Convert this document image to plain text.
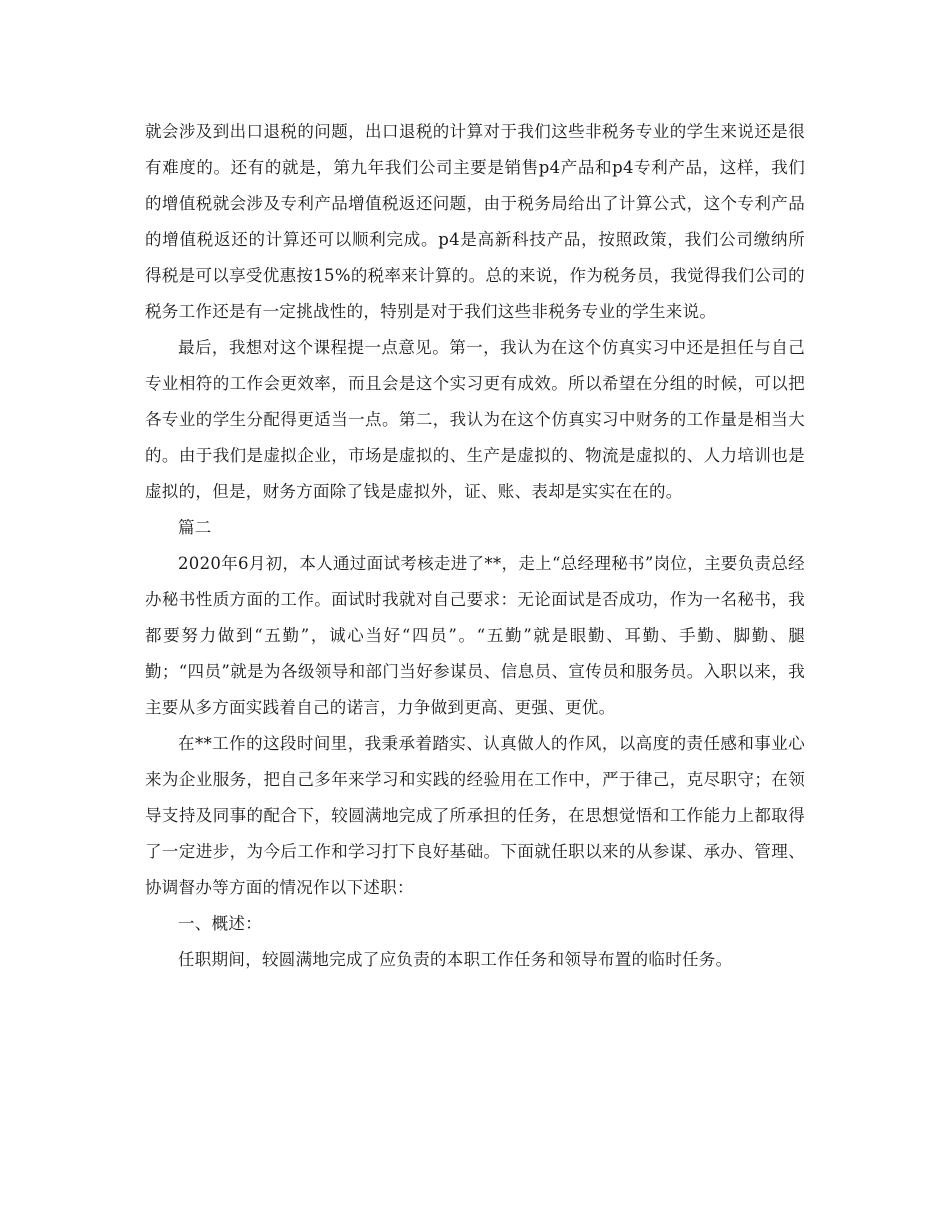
就会涉及到出口退税的问题，出口退税的计算对于我们这些非税务专业的学生来说还是很有难度的。还有的就是，第九年我们公司主要是销售p4产品和p4专利产品，这样，我们的增值税就会涉及专利产品增值税返还问题，由于税务局给出了计算公式，这个专利产品的增值税返还的计算还可以顺利完成。p4是高新科技产品，按照政策，我们公司缴纳所得税是可以享受优惠按15%的税率来计算的。总的来说，作为税务员，我觉得我们公司的税务工作还是有一定挑战性的，特别是对于我们这些非税务专业的学生来说。

最后，我想对这个课程提一点意见。第一，我认为在这个仿真实习中还是担任与自己专业相符的工作会更效率，而且会是这个实习更有成效。所以希望在分组的时候，可以把各专业的学生分配得更适当一点。第二，我认为在这个仿真实习中财务的工作量是相当大的。由于我们是虚拟企业，市场是虚拟的、生产是虚拟的、物流是虚拟的、人力培训也是虚拟的，但是，财务方面除了钱是虚拟外，证、账、表却是实实在在的。

篇二

2020年6月初，本人通过面试考核走进了**，走上“总经理秘书”岗位，主要负责总经办秘书性质方面的工作。面试时我就对自己要求：无论面试是否成功，作为一名秘书，我都要努力做到“五勤”，诚心当好“四员”。“五勤”就是眼勤、耳勤、手勤、脚勤、腿勤；“四员”就是为各级领导和部门当好参谋员、信息员、宣传员和服务员。入职以来，我主要从多方面实践着自己的诺言，力争做到更高、更强、更优。

在**工作的这段时间里，我秉承着踏实、认真做人的作风，以高度的责任感和事业心来为企业服务，把自己多年来学习和实践的经验用在工作中，严于律己，克尽职守；在领导支持及同事的配合下，较圆满地完成了所承担的任务，在思想觉悟和工作能力上都取得了一定进步，为今后工作和学习打下良好基础。下面就任职以来的从参谋、承办、管理、协调督办等方面的情况作以下述职：

一、概述：

任职期间，较圆满地完成了应负责的本职工作任务和领导布置的临时任务。
